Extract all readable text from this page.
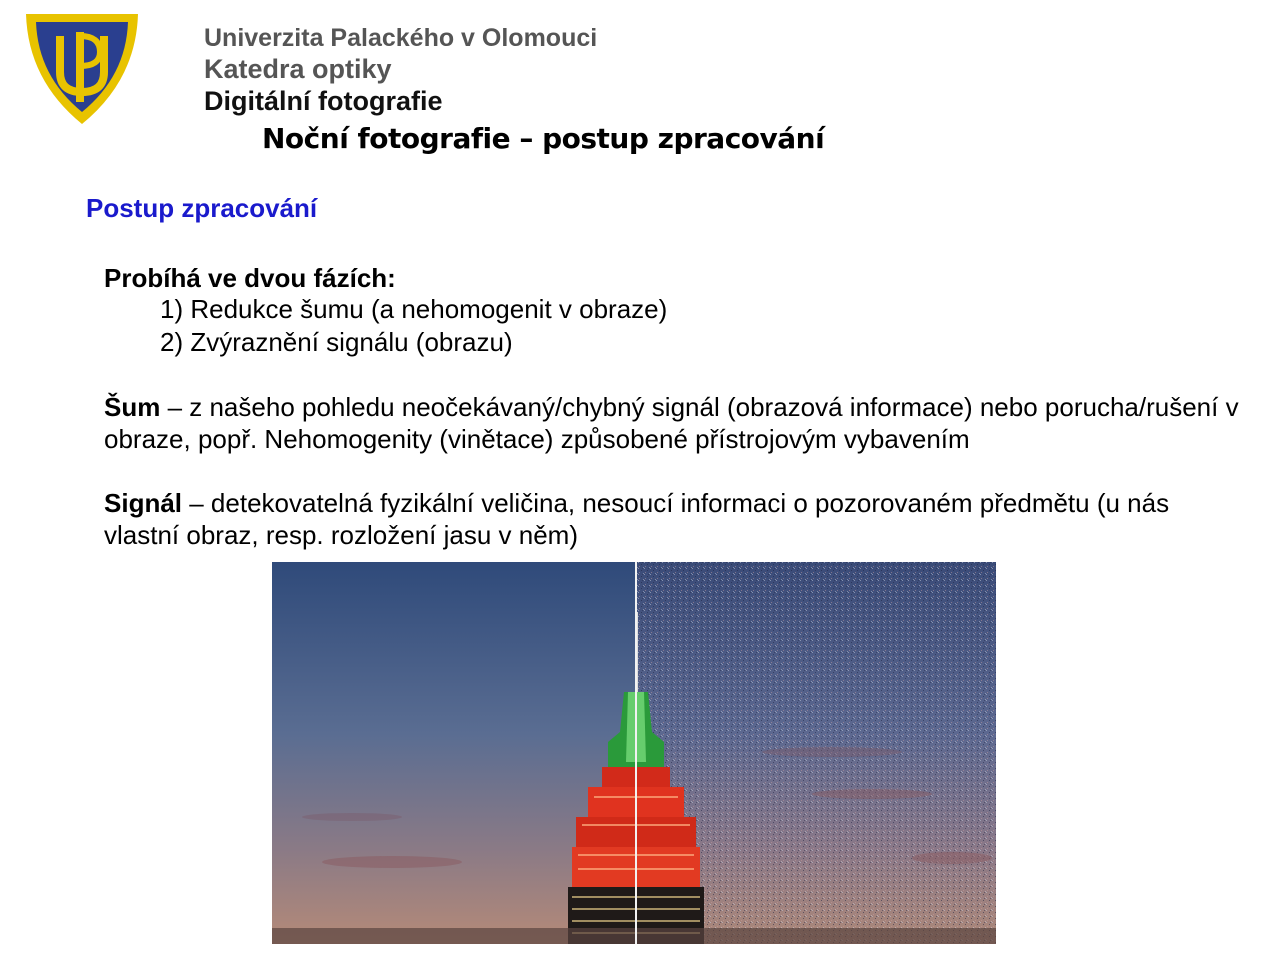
Univerzita Palackého v Olomouci
Katedra optiky
Digitální fotografie
Noční fotografie – postup zpracování
Postup zpracování
Probíhá ve dvou fázích:
1) Redukce šumu (a nehomogenit v obraze)
2) Zvýraznění signálu (obrazu)
Šum – z našeho pohledu neočekávaný/chybný signál (obrazová informace) nebo porucha/rušení v obraze, popř. Nehomogenity (vinětace) způsobené přístrojovým vybavením
Signál – detekovatelná fyzikální veličina, nesoucí informaci o pozorovaném předmětu (u nás vlastní obraz, resp. rozložení jasu v něm)
